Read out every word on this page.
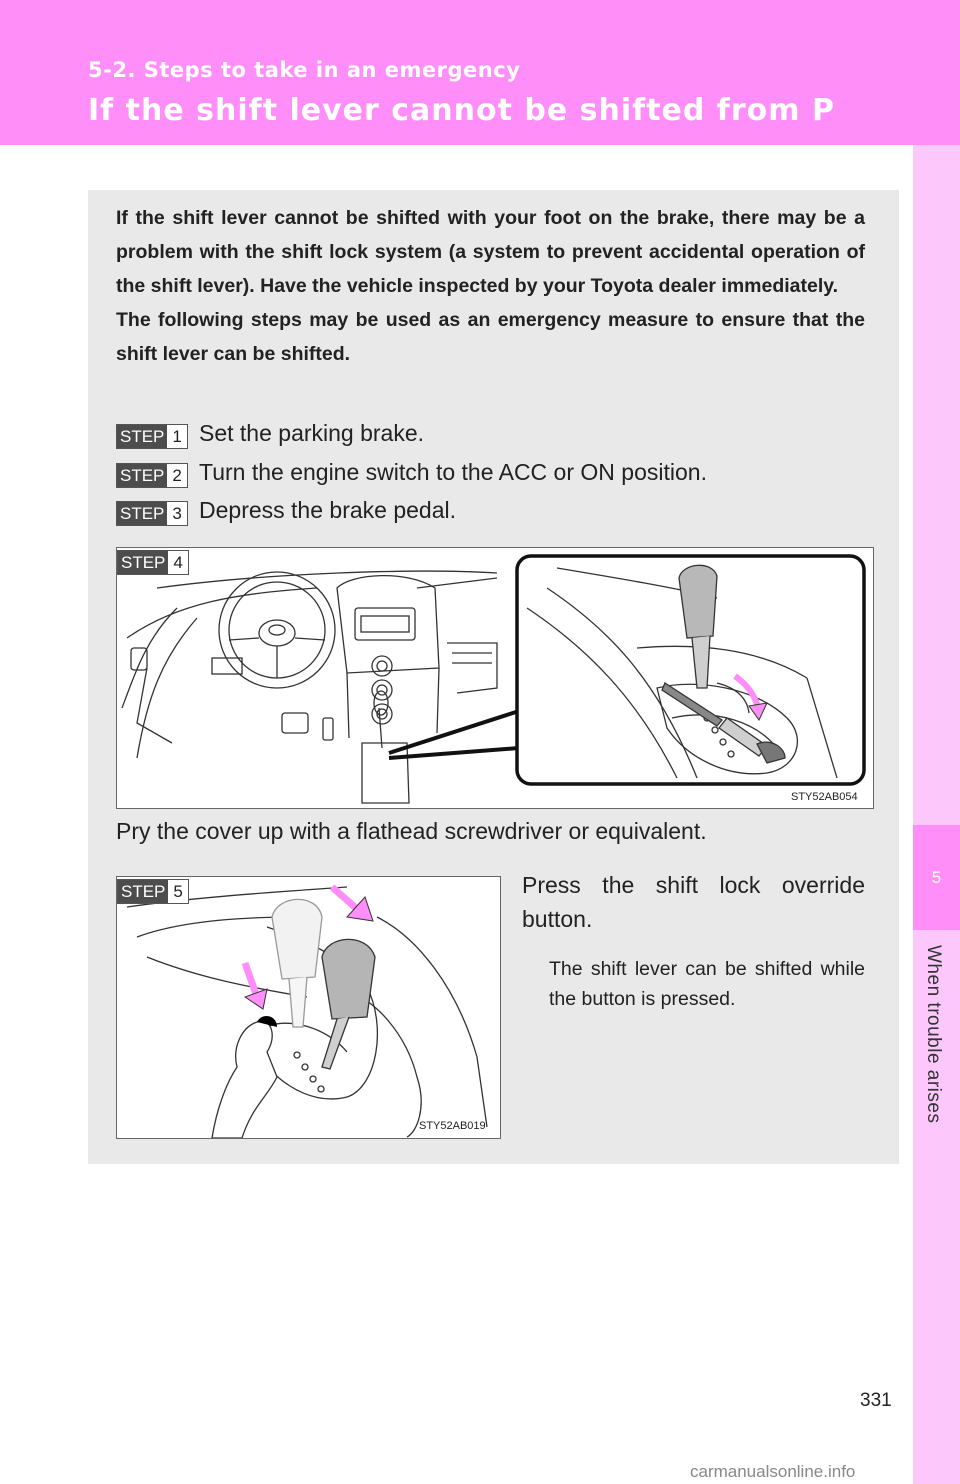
5-2. Steps to take in an emergency
If the shift lever cannot be shifted from P
5
When trouble arises

If the shift lever cannot be shifted with your foot on the brake, there may be a problem with the shift lock system (a system to prevent accidental operation of the shift lever). Have the vehicle inspected by your Toyota dealer immediately.

The following steps may be used as an emergency measure to ensure that the shift lever can be shifted.

STEP 1 Set the parking brake.
STEP 2 Turn the engine switch to the ACC or ON position.
STEP 3 Depress the brake pedal.
STEP 4
STY52AB054
Pry the cover up with a flathead screwdriver or equivalent.
STEP 5
STY52AB019
Press the shift lock override button.
The shift lever can be shifted while the button is pressed.
331
carmanualsonline.info
